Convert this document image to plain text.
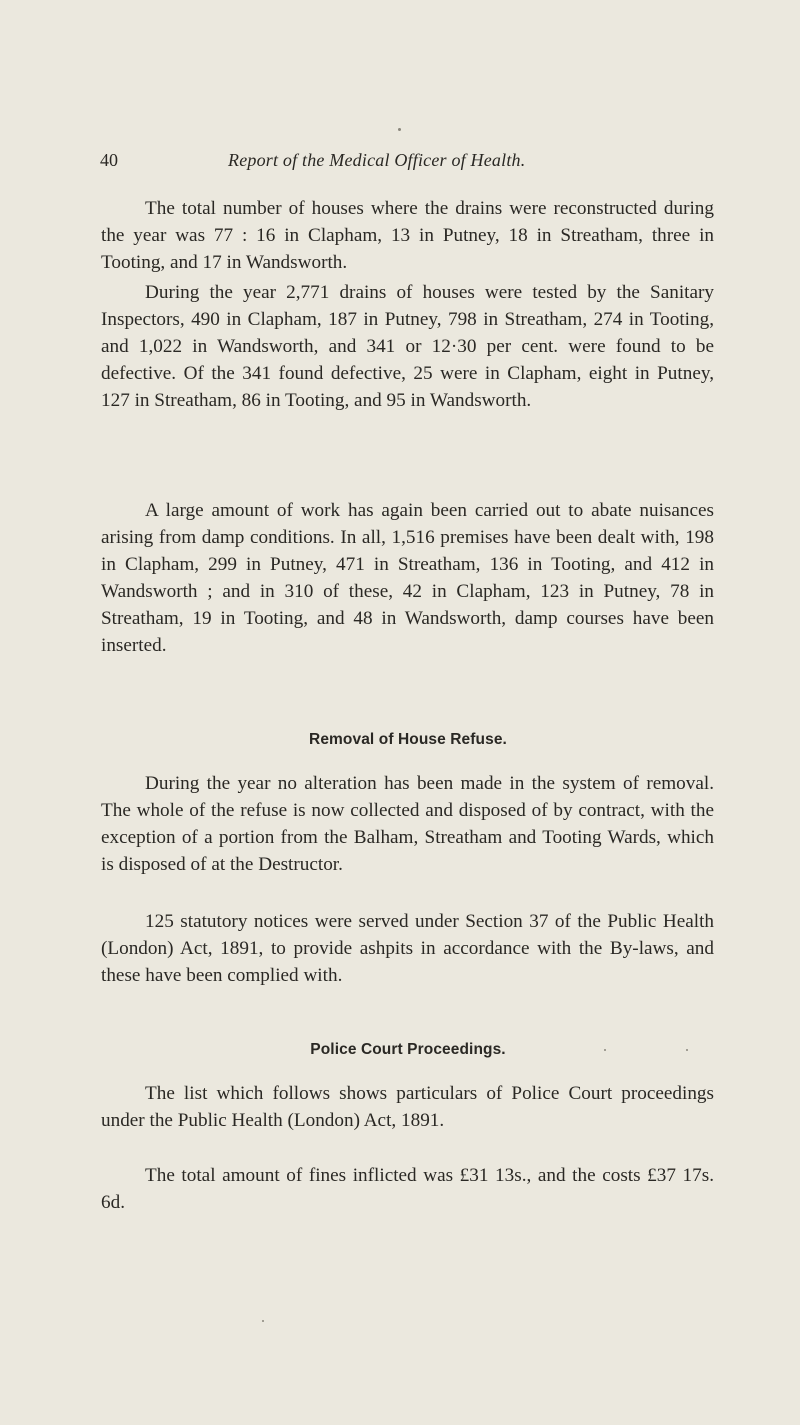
40	Report of the Medical Officer of Health.

The total number of houses where the drains were reconstructed during the year was 77 : 16 in Clapham, 13 in Putney, 18 in Streatham, three in Tooting, and 17 in Wandsworth.

During the year 2,771 drains of houses were tested by the Sanitary Inspectors, 490 in Clapham, 187 in Putney, 798 in Streatham, 274 in Tooting, and 1,022 in Wandsworth, and 341 or 12·30 per cent. were found to be defective. Of the 341 found defective, 25 were in Clapham, eight in Putney, 127 in Streatham, 86 in Tooting, and 95 in Wandsworth.

A large amount of work has again been carried out to abate nuisances arising from damp conditions. In all, 1,516 premises have been dealt with, 198 in Clapham, 299 in Putney, 471 in Streatham, 136 in Tooting, and 412 in Wandsworth ; and in 310 of these, 42 in Clapham, 123 in Putney, 78 in Streatham, 19 in Tooting, and 48 in Wandsworth, damp courses have been inserted.

Removal of House Refuse.

During the year no alteration has been made in the system of removal. The whole of the refuse is now collected and disposed of by contract, with the exception of a portion from the Balham, Streatham and Tooting Wards, which is disposed of at the Destructor.

125 statutory notices were served under Section 37 of the Public Health (London) Act, 1891, to provide ashpits in accordance with the By-laws, and these have been complied with.

Police Court Proceedings.

The list which follows shows particulars of Police Court proceedings under the Public Health (London) Act, 1891.

The total amount of fines inflicted was £31 13s., and the costs £37 17s. 6d.
